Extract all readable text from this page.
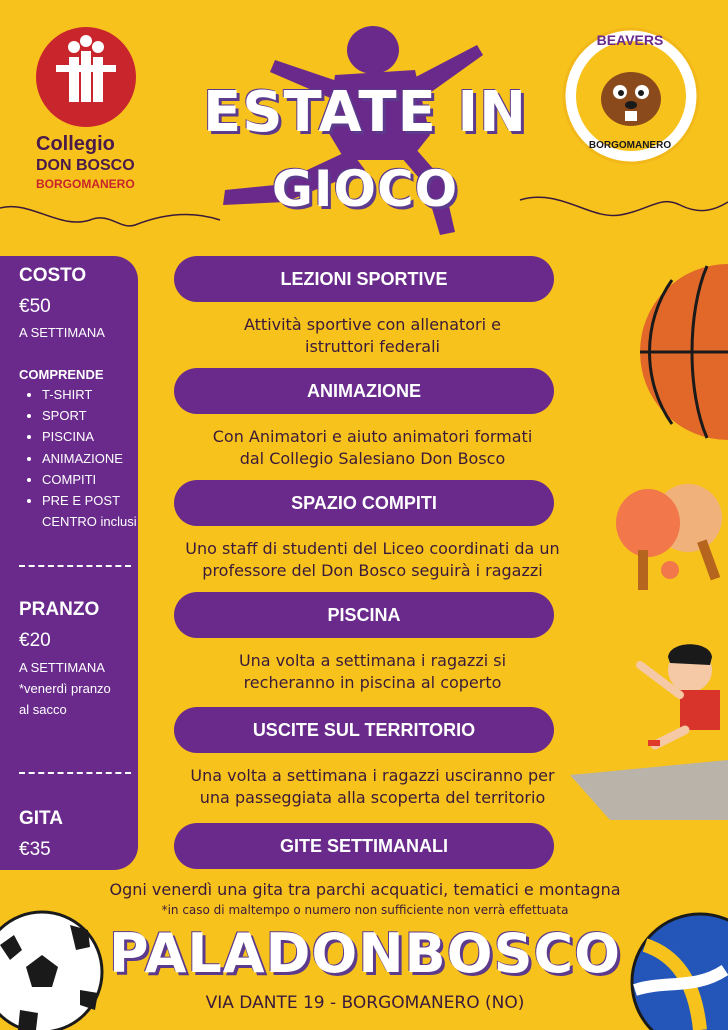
Collegio
DON BOSCO
BORGOMANERO
BEAVERS
BORGOMANERO
ESTATE IN
GIOCO
COSTO
€50
A SETTIMANA
COMPRENDE
• T-SHIRT
• SPORT
• PISCINA
• ANIMAZIONE
• COMPITI
• PRE E POST CENTRO inclusi
PRANZO
€20
A SETTIMANA
*venerdì pranzo al sacco
GITA
€35
LEZIONI SPORTIVE
Attività sportive con allenatori e
istruttori federali
ANIMAZIONE
Con Animatori e aiuto animatori formati
dal Collegio Salesiano Don Bosco
SPAZIO COMPITI
Uno staff di studenti del Liceo coordinati da un
professore del Don Bosco seguirà i ragazzi
PISCINA
Una volta a settimana i ragazzi si
recheranno in piscina al coperto
USCITE SUL TERRITORIO
Una volta a settimana i ragazzi usciranno per
una passeggiata alla scoperta del territorio
GITE SETTIMANALI
Ogni venerdì una gita tra parchi acquatici, tematici e montagna
*in caso di maltempo o numero non sufficiente non verrà effettuata
PALADONBOSCO
VIA DANTE 19 - BORGOMANERO (NO)
